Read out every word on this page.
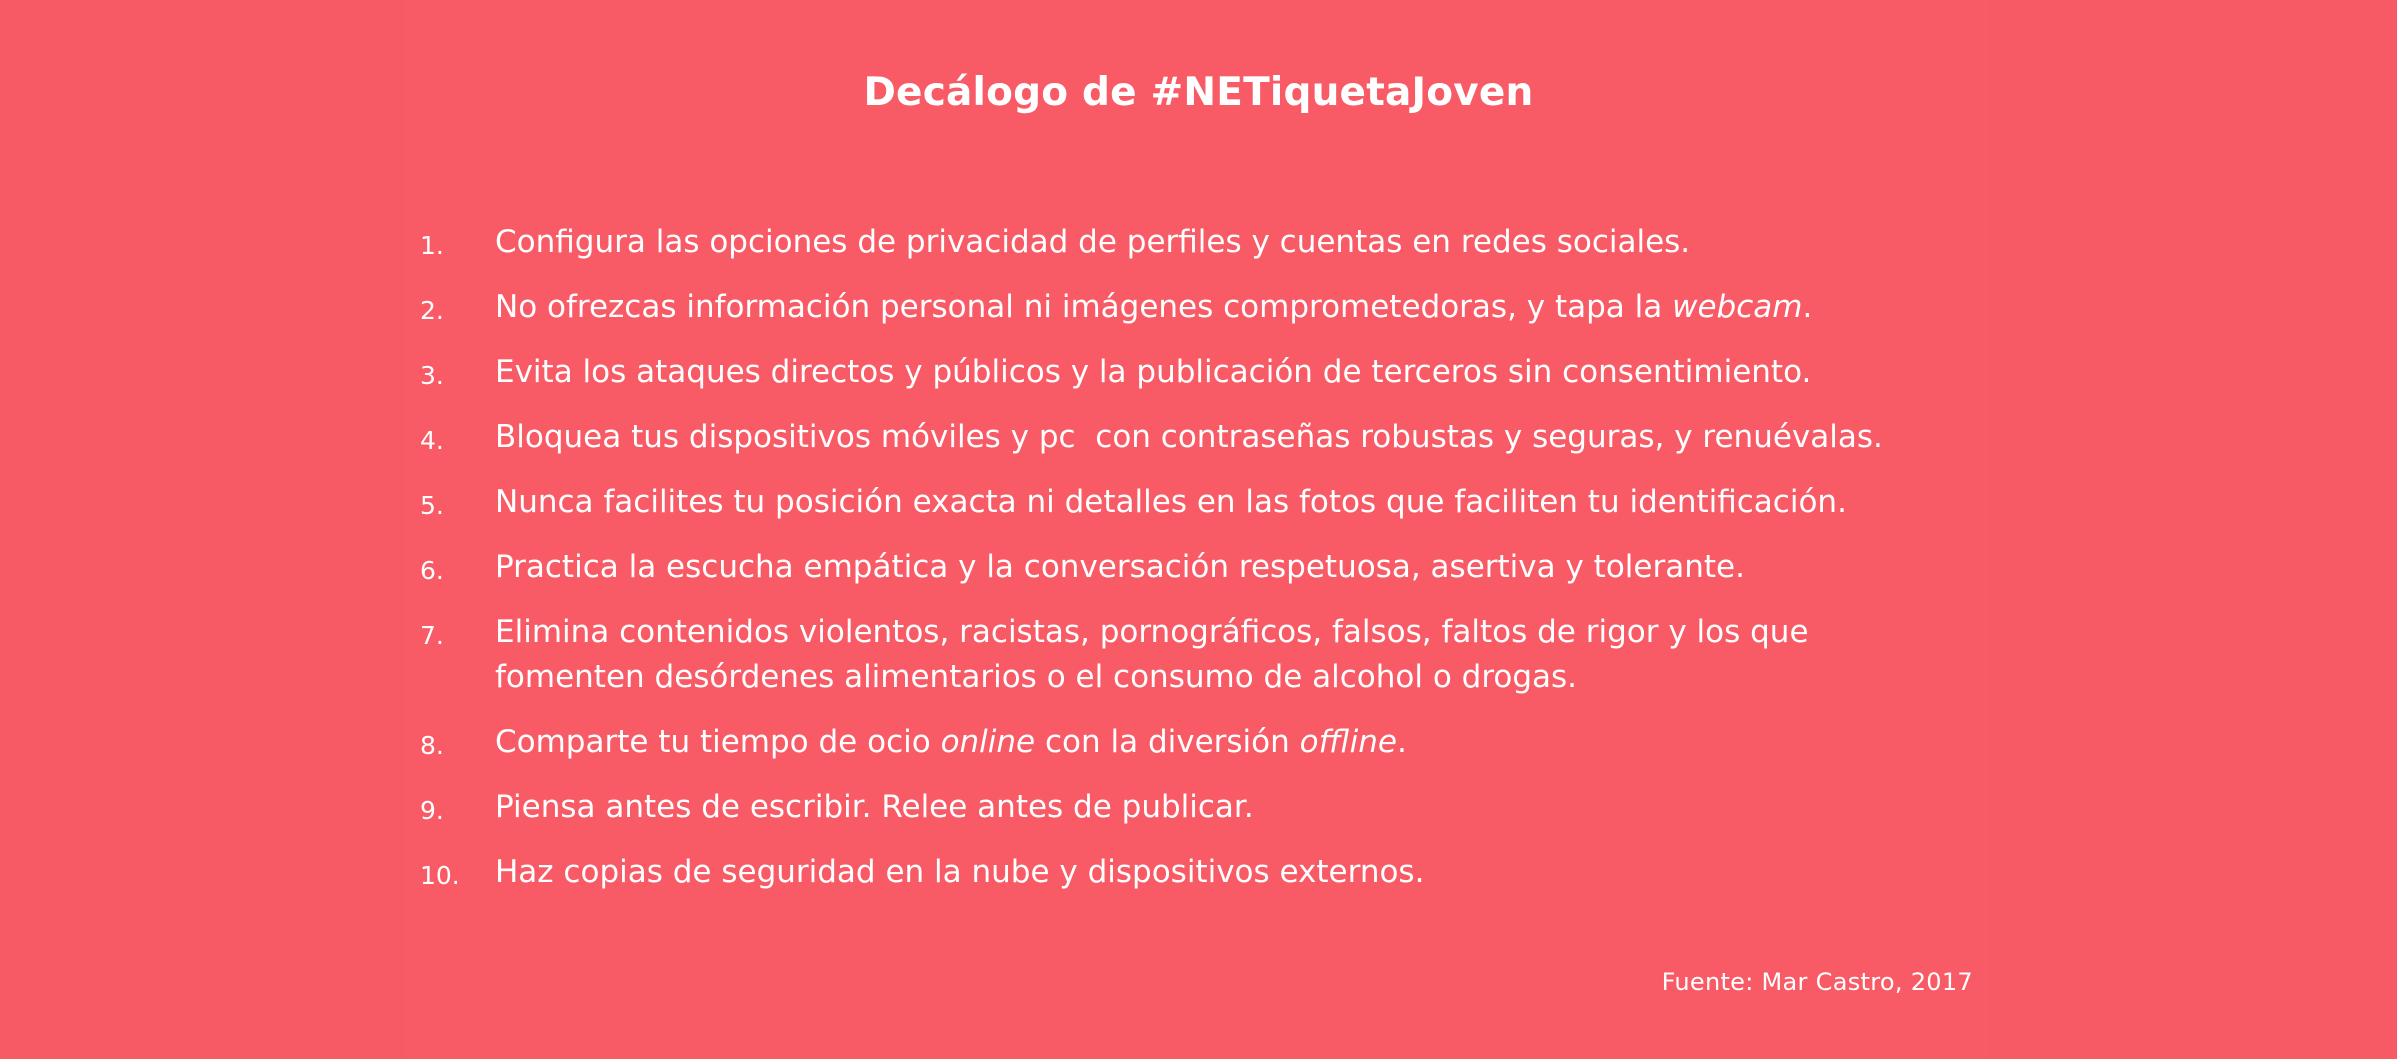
Decálogo de #NETiquetaJoven
1.	Configura las opciones de privacidad de perfiles y cuentas en redes sociales.
2.	No ofrezcas información personal ni imágenes comprometedoras, y tapa la webcam.
3.	Evita los ataques directos y públicos y la publicación de terceros sin consentimiento.
4.	Bloquea tus dispositivos móviles y pc  con contraseñas robustas y seguras, y renuévalas.
5.	Nunca facilites tu posición exacta ni detalles en las fotos que faciliten tu identificación.
6.	Practica la escucha empática y la conversación respetuosa, asertiva y tolerante.
7.	Elimina contenidos violentos, racistas, pornográficos, falsos, faltos de rigor y los que
fomenten desórdenes alimentarios o el consumo de alcohol o drogas.
8.	Comparte tu tiempo de ocio online con la diversión offline.
9.	Piensa antes de escribir. Relee antes de publicar.
10.	Haz copias de seguridad en la nube y dispositivos externos.
Fuente: Mar Castro, 2017
